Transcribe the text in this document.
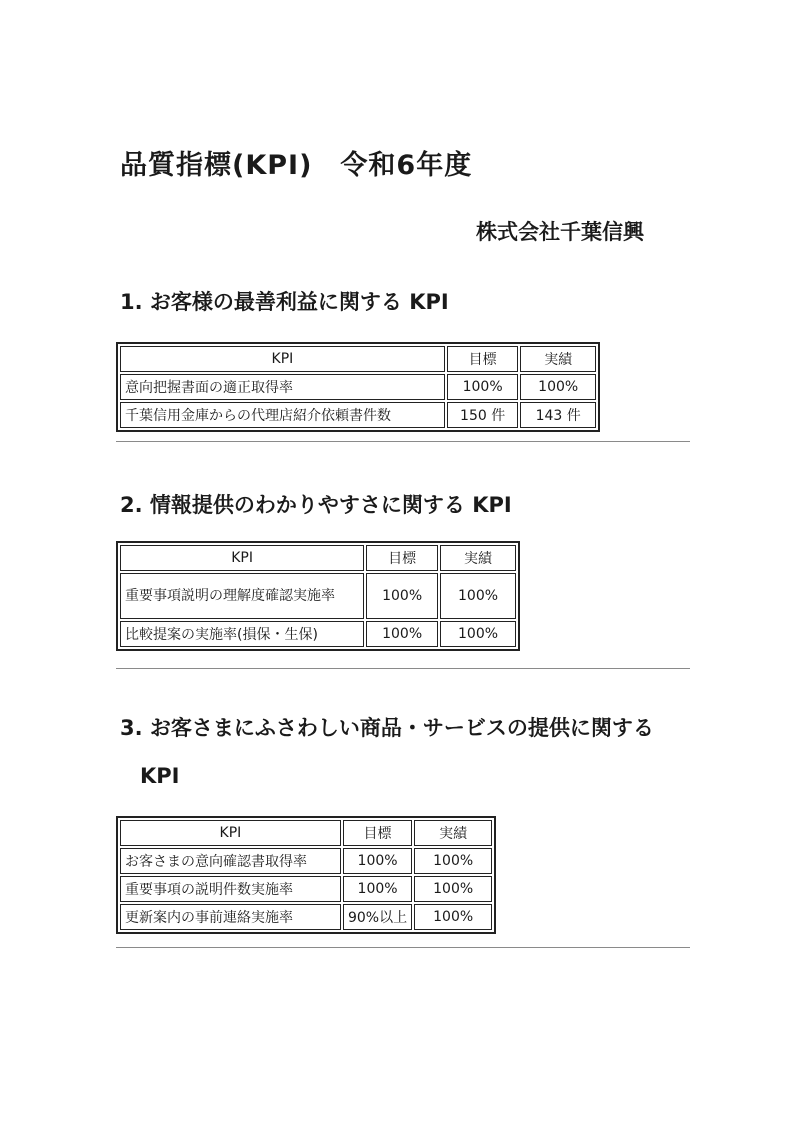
品質指標(KPI)　令和6年度
株式会社千葉信興
1. お客様の最善利益に関する KPI
KPI	目標	実績
意向把握書面の適正取得率	100%	100%
千葉信用金庫からの代理店紹介依頼書件数	150 件	143 件
2. 情報提供のわかりやすさに関する KPI
KPI	目標	実績
重要事項説明の理解度確認実施率	100%	100%
比較提案の実施率(損保・生保)	100%	100%
3. お客さまにふさわしい商品・サービスの提供に関する
KPI
KPI	目標	実績
お客さまの意向確認書取得率	100%	100%
重要事項の説明件数実施率	100%	100%
更新案内の事前連絡実施率	90%以上	100%
